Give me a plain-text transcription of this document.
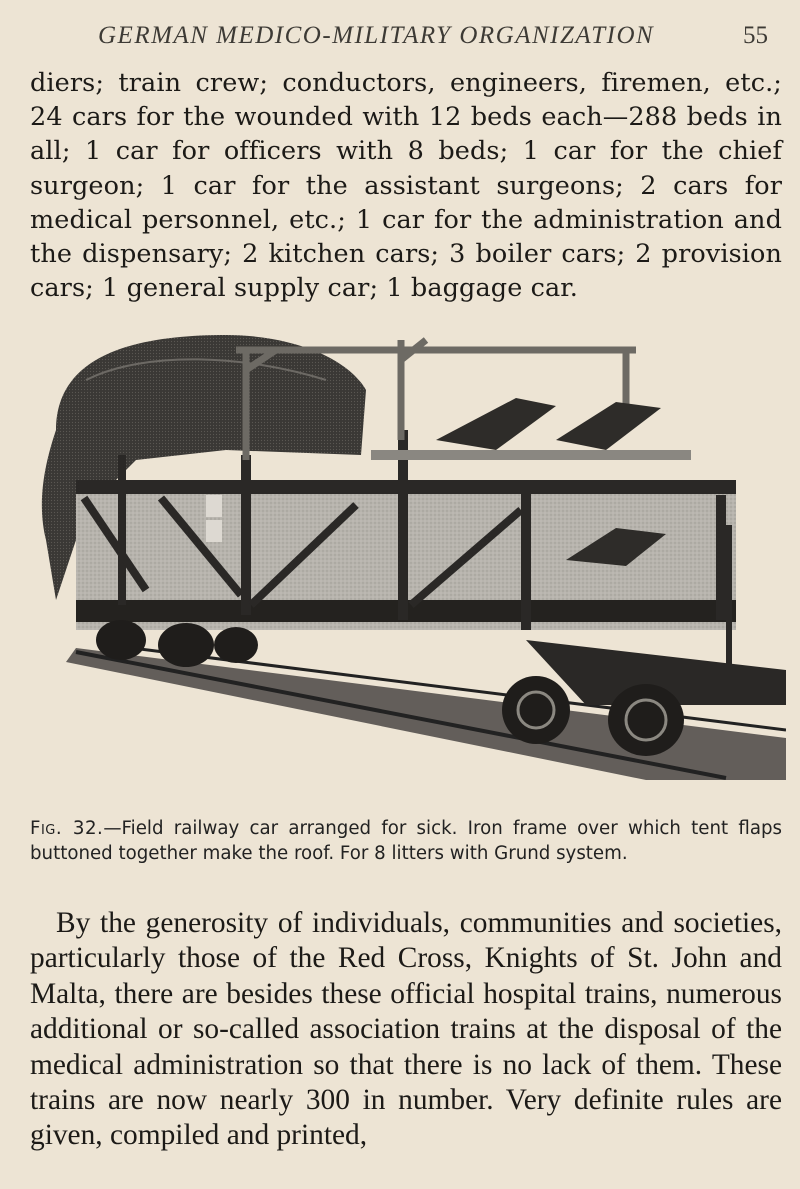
GERMAN MEDICO-MILITARY ORGANIZATION	55

diers; train crew; conductors, engineers, firemen, etc.; 24 cars for the wounded with 12 beds each—288 beds in all; 1 car for officers with 8 beds; 1 car for the chief surgeon; 1 car for the assistant surgeons; 2 cars for medical personnel, etc.; 1 car for the administration and the dispensary; 2 kitchen cars; 3 boiler cars; 2 provision cars; 1 general supply car; 1 baggage car.

Fig. 32.—Field railway car arranged for sick. Iron frame over which tent flaps buttoned together make the roof. For 8 litters with Grund system.

By the generosity of individuals, communities and societies, particularly those of the Red Cross, Knights of St. John and Malta, there are besides these official hospital trains, numerous additional or so-called association trains at the disposal of the medical administration so that there is no lack of them. These trains are now nearly 300 in number. Very definite rules are given, compiled and printed,
